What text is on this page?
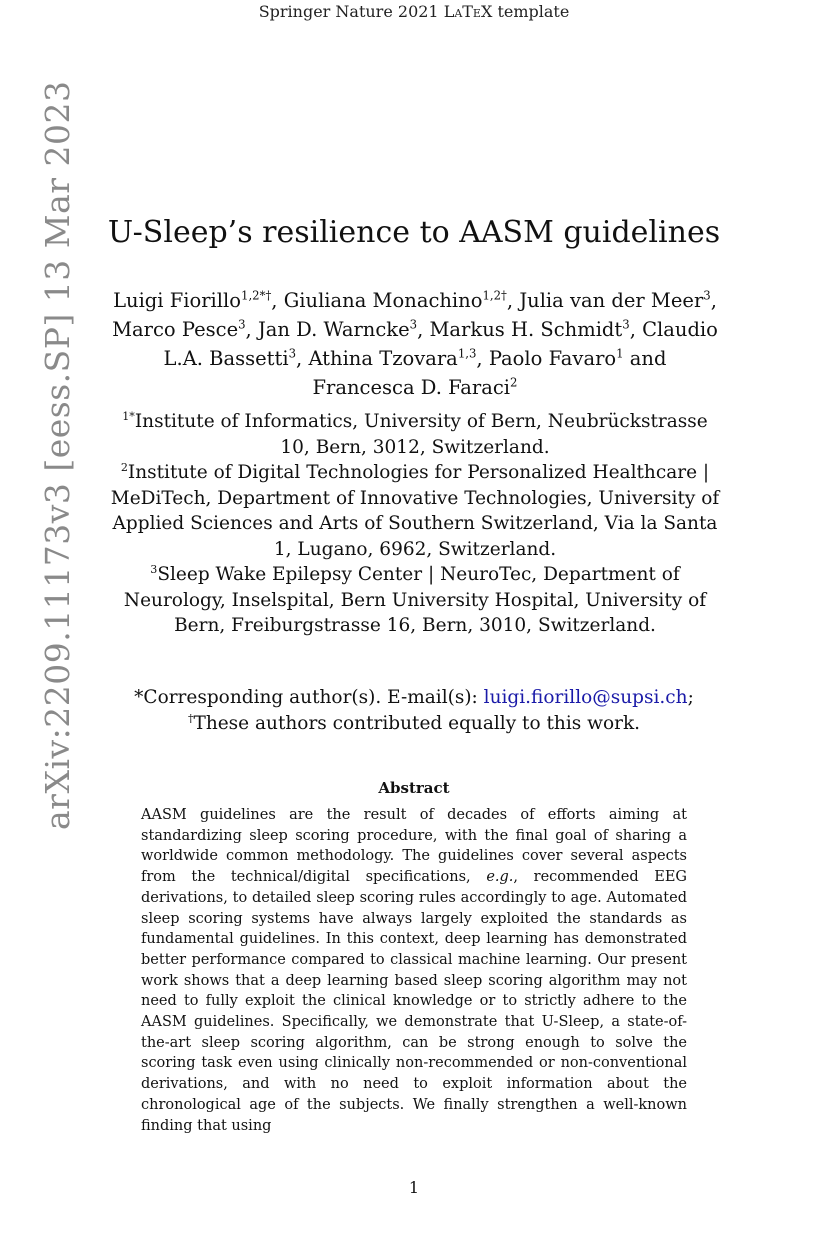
Springer Nature 2021 LaTeX template
arXiv:2209.11173v3 [eess.SP] 13 Mar 2023 U-Sleep’s resilience to AASM guidelines
Luigi Fiorillo$^{1,2*\dagger}$, Giuliana Monachino$^{1,2\dagger}$, Julia van der Meer$^3$, Marco Pesce$^3$, Jan D. Warncke$^3$, Markus H. Schmidt$^3$, Claudio L.A. Bassetti$^3$, Athina Tzovara$^{1,3}$, Paolo Favaro$^1$ and Francesca D. Faraci$^2$
$^{1*}$Institute of Informatics, University of Bern, Neubrückstrasse 10, Bern, 3012, Switzerland.
$^2$Institute of Digital Technologies for Personalized Healthcare | MeDiTech, Department of Innovative Technologies, University of Applied Sciences and Arts of Southern Switzerland, Via la Santa 1, Lugano, 6962, Switzerland.
$^3$Sleep Wake Epilepsy Center | NeuroTec, Department of Neurology, Inselspital, Bern University Hospital, University of Bern, Freiburgstrasse 16, Bern, 3010, Switzerland.
*Corresponding author(s). E-mail(s): luigi.fiorillo@supsi.ch;
†These authors contributed equally to this work.
Abstract
AASM guidelines are the result of decades of efforts aiming at standardizing sleep scoring procedure, with the final goal of sharing a worldwide common methodology. The guidelines cover several aspects from the technical/digital specifications, e.g., recommended EEG derivations, to detailed sleep scoring rules accordingly to age. Automated sleep scoring systems have always largely exploited the standards as fundamental guidelines. In this context, deep learning has demonstrated better performance compared to classical machine learning. Our present work shows that a deep learning based sleep scoring algorithm may not need to fully exploit the clinical knowledge or to strictly adhere to the AASM guidelines. Specifically, we demonstrate that U-Sleep, a state-of-the-art sleep scoring algorithm, can be strong enough to solve the scoring task even using clinically non-recommended or non-conventional derivations, and with no need to exploit information about the chronological age of the subjects. We finally strengthen a well-known finding that using
1
